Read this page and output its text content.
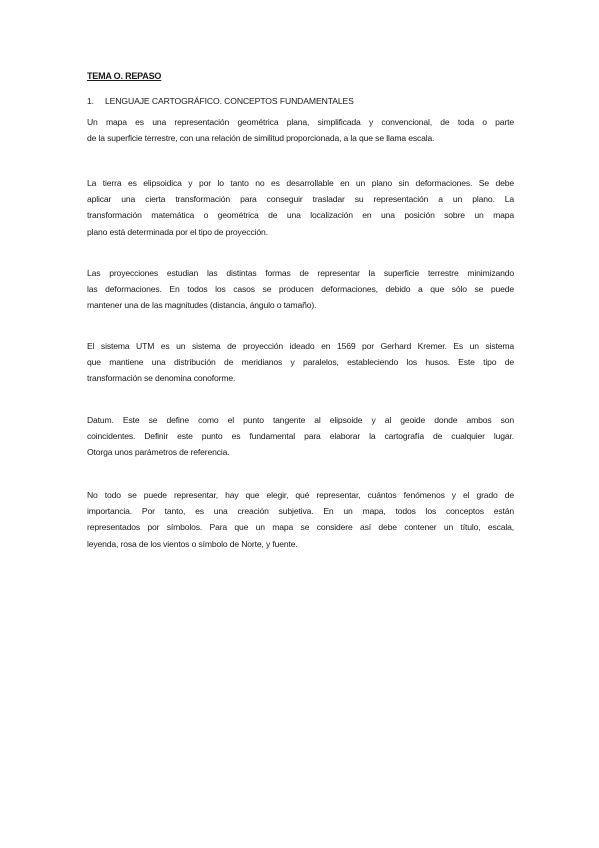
TEMA O. REPASO
1. LENGUAJE CARTOGRÁFICO. CONCEPTOS FUNDAMENTALES
Un mapa es una representación geométrica plana, simplificada y convencional, de toda o parte
de la superficie terrestre, con una relación de similitud proporcionada, a la que se llama escala.
La tierra es elipsoidica y por lo tanto no es desarrollable en un plano sin deformaciones. Se debe
aplicar una cierta transformación para conseguir trasladar su representación a un plano. La
transformación matemática o geométrica de una localización en una posición sobre un mapa
plano está determinada por el tipo de proyección.
Las proyecciones estudian las distintas formas de representar la superficie terrestre minimizando
las deformaciones. En todos los casos se producen deformaciones, debido a que sólo se puede
mantener una de las magnitudes (distancia, ángulo o tamaño).
El sistema UTM es un sistema de proyección ideado en 1569 por Gerhard Kremer. Es un sistema
que mantiene una distribución de meridianos y paralelos, estableciendo los husos. Este tipo de
transformación se denomina conoforme.
Datum. Este se define como el punto tangente al elipsoide y al geoide donde ambos son
coincidentes. Definir este punto es fundamental para elaborar la cartografía de cualquier lugar.
Otorga unos parámetros de referencia.
No todo se puede representar, hay que elegir, qué representar, cuántos fenómenos y el grado de
importancia. Por tanto, es una creación subjetiva. En un mapa, todos los conceptos están
representados por símbolos. Para que un mapa se considere así debe contener un título, escala,
leyenda, rosa de los vientos o símbolo de Norte, y fuente.
